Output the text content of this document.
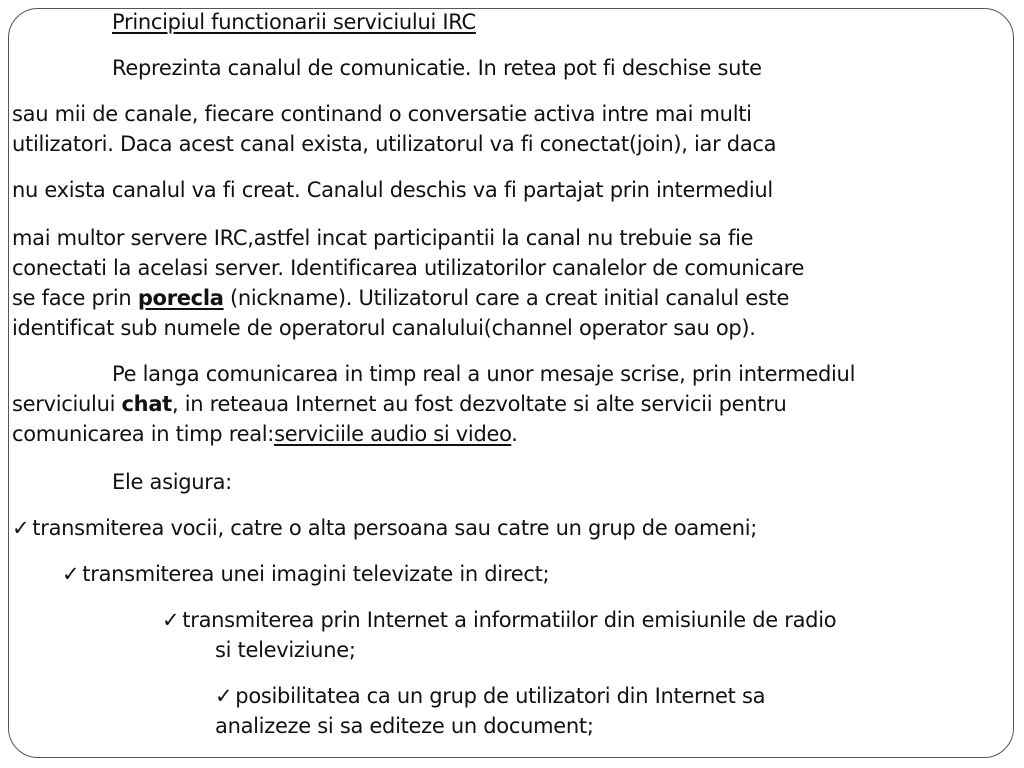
Principiul functionarii serviciului IRC
Reprezinta canalul de comunicatie. In retea pot fi deschise sute
sau mii de canale, fiecare continand o conversatie activa intre mai multi
utilizatori. Daca acest canal exista, utilizatorul va fi conectat(join), iar daca
nu exista canalul va fi creat. Canalul deschis va fi partajat prin intermediul
mai multor servere IRC,astfel incat participantii la canal nu trebuie sa fie
conectati la acelasi server. Identificarea utilizatorilor canalelor de comunicare
se face prin porecla (nickname). Utilizatorul care a creat initial canalul este
identificat sub numele de operatorul canalului(channel operator sau op).
Pe langa comunicarea in timp real a unor mesaje scrise, prin intermediul
serviciului chat, in reteaua Internet au fost dezvoltate si alte servicii pentru
comunicarea in timp real:serviciile audio si video.
Ele asigura:
✓ transmiterea vocii, catre o alta persoana sau catre un grup de oameni;
✓ transmiterea unei imagini televizate in direct;
✓ transmiterea prin Internet a informatiilor din emisiunile de radio
si televiziune;
✓ posibilitatea ca un grup de utilizatori din Internet sa
analizeze si sa editeze un document;
